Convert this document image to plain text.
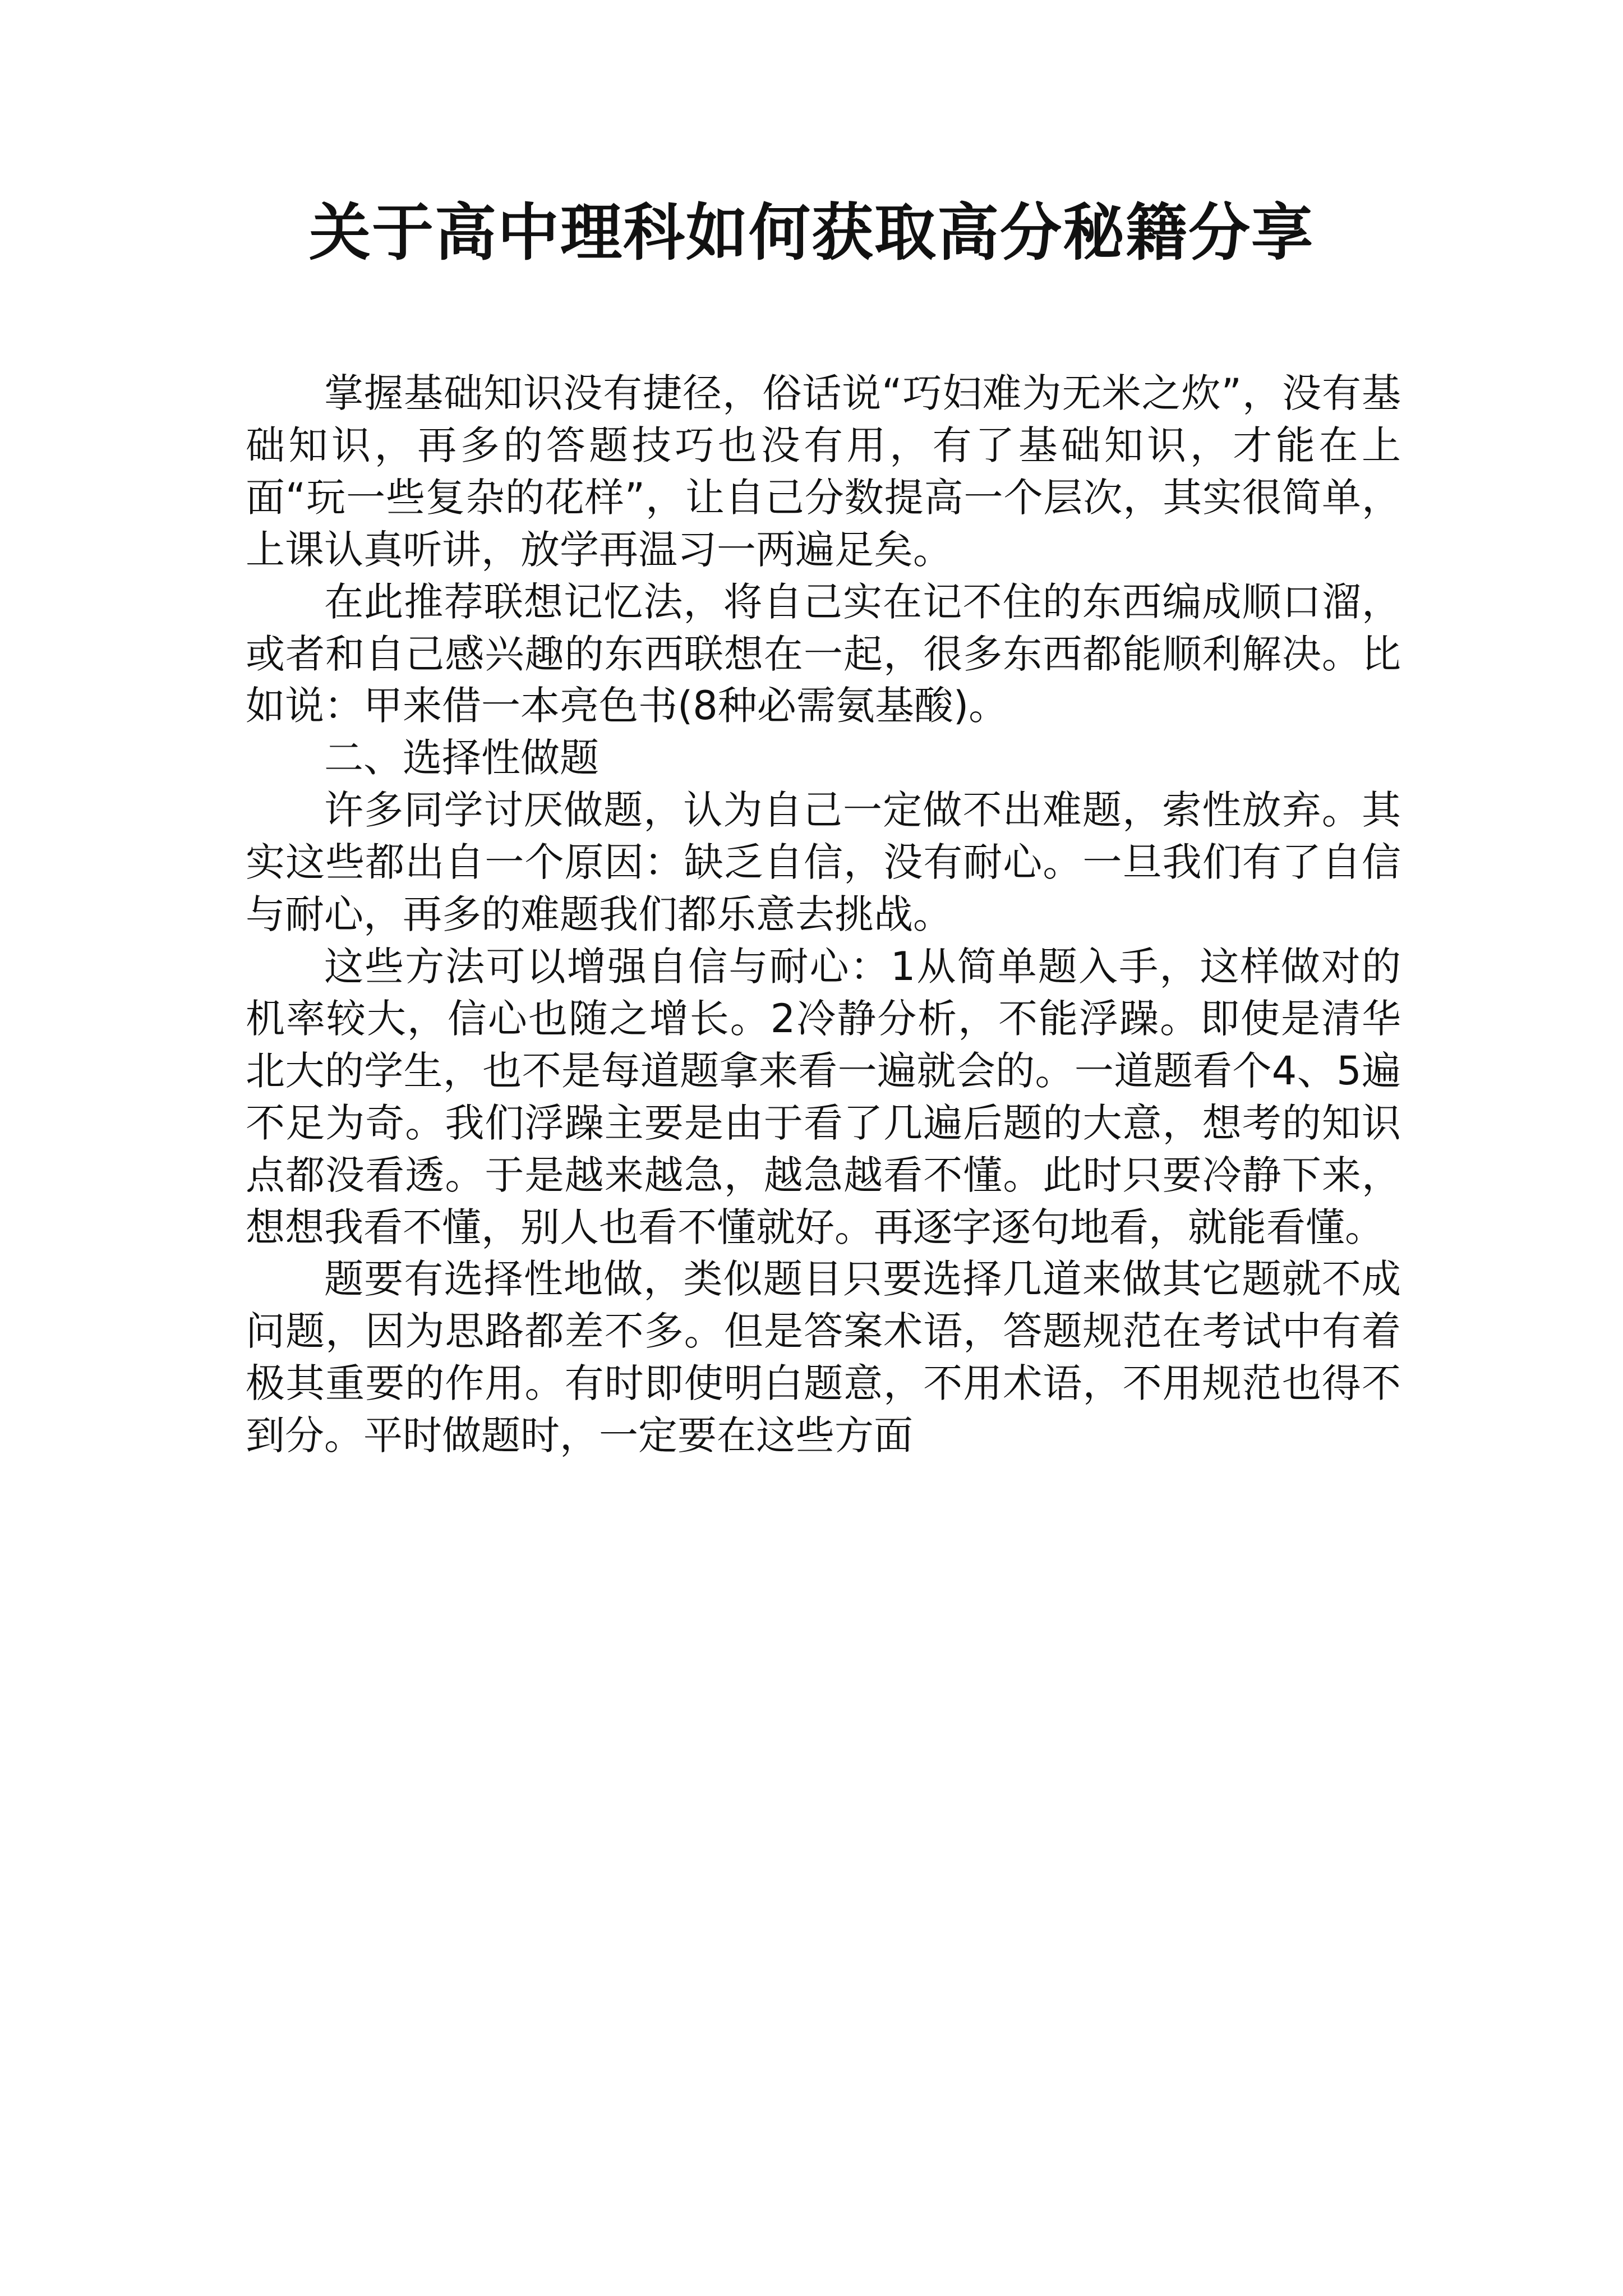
关于高中理科如何获取高分秘籍分享

掌握基础知识没有捷径，俗话说“巧妇难为无米之炊”，没有基础知识，再多的答题技巧也没有用，有了基础知识，才能在上面“玩一些复杂的花样”，让自己分数提高一个层次，其实很简单，上课认真听讲，放学再温习一两遍足矣。

在此推荐联想记忆法，将自己实在记不住的东西编成顺口溜，或者和自己感兴趣的东西联想在一起，很多东西都能顺利解决。比如说：甲来借一本亮色书(8种必需氨基酸)。

二、选择性做题

许多同学讨厌做题，认为自己一定做不出难题，索性放弃。其实这些都出自一个原因：缺乏自信，没有耐心。一旦我们有了自信与耐心，再多的难题我们都乐意去挑战。

这些方法可以增强自信与耐心：1从简单题入手，这样做对的机率较大，信心也随之增长。2冷静分析，不能浮躁。即使是清华北大的学生，也不是每道题拿来看一遍就会的。一道题看个4、5遍不足为奇。我们浮躁主要是由于看了几遍后题的大意，想考的知识点都没看透。于是越来越急，越急越看不懂。此时只要冷静下来，想想我看不懂，别人也看不懂就好。再逐字逐句地看，就能看懂。

题要有选择性地做，类似题目只要选择几道来做其它题就不成问题，因为思路都差不多。但是答案术语，答题规范在考试中有着极其重要的作用。有时即使明白题意，不用术语，不用规范也得不到分。平时做题时，一定要在这些方面
